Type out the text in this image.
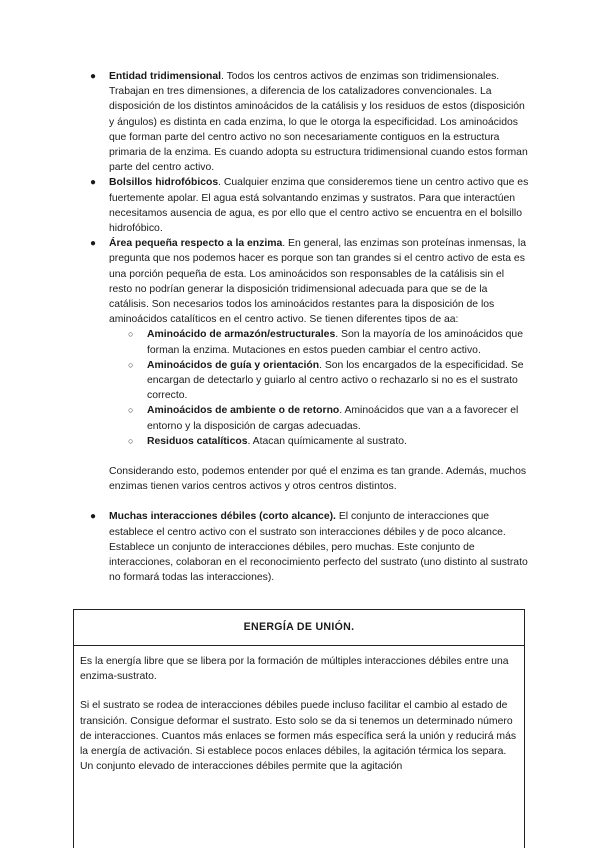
● Entidad tridimensional. Todos los centros activos de enzimas son tridimensionales. Trabajan en tres dimensiones, a diferencia de los catalizadores convencionales. La disposición de los distintos aminoácidos de la catálisis y los residuos de estos (disposición y ángulos) es distinta en cada enzima, lo que le otorga la especificidad. Los aminoácidos que forman parte del centro activo no son necesariamente contiguos en la estructura primaria de la enzima. Es cuando adopta su estructura tridimensional cuando estos forman parte del centro activo.
● Bolsillos hidrofóbicos. Cualquier enzima que consideremos tiene un centro activo que es fuertemente apolar. El agua está solvantando enzimas y sustratos. Para que interactúen necesitamos ausencia de agua, es por ello que el centro activo se encuentra en el bolsillo hidrofóbico.
● Área pequeña respecto a la enzima. En general, las enzimas son proteínas inmensas, la pregunta que nos podemos hacer es porque son tan grandes si el centro activo de esta es una porción pequeña de esta. Los aminoácidos son responsables de la catálisis sin el resto no podrían generar la disposición tridimensional adecuada para que se de la catálisis. Son necesarios todos los aminoácidos restantes para la disposición de los aminoácidos catalíticos en el centro activo. Se tienen diferentes tipos de aa:
○ Aminoácido de armazón/estructurales. Son la mayoría de los aminoácidos que forman la enzima. Mutaciones en estos pueden cambiar el centro activo.
○ Aminoácidos de guía y orientación. Son los encargados de la especificidad. Se encargan de detectarlo y guiarlo al centro activo o rechazarlo si no es el sustrato correcto.
○ Aminoácidos de ambiente o de retorno. Aminoácidos que van a a favorecer el entorno y la disposición de cargas adecuadas.
○ Residuos catalíticos. Atacan químicamente al sustrato.

Considerando esto, podemos entender por qué el enzima es tan grande. Además, muchos enzimas tienen varios centros activos y otros centros distintos.

● Muchas interacciones débiles (corto alcance). El conjunto de interacciones que establece el centro activo con el sustrato son interacciones débiles y de poco alcance. Establece un conjunto de interacciones débiles, pero muchas. Este conjunto de interacciones, colaboran en el reconocimiento perfecto del sustrato (uno distinto al sustrato no formará todas las interacciones).
ENERGÍA DE UNIÓN.

Es la energía libre que se libera por la formación de múltiples interacciones débiles entre una enzima-sustrato.

Si el sustrato se rodea de interacciones débiles puede incluso facilitar el cambio al estado de transición. Consigue deformar el sustrato. Esto solo se da si tenemos un determinado número de interacciones. Cuantos más enlaces se formen más específica será la unión y reducirá más la energía de activación. Si establece pocos enlaces débiles, la agitación térmica los separa. Un conjunto elevado de interacciones débiles permite que la agitación
